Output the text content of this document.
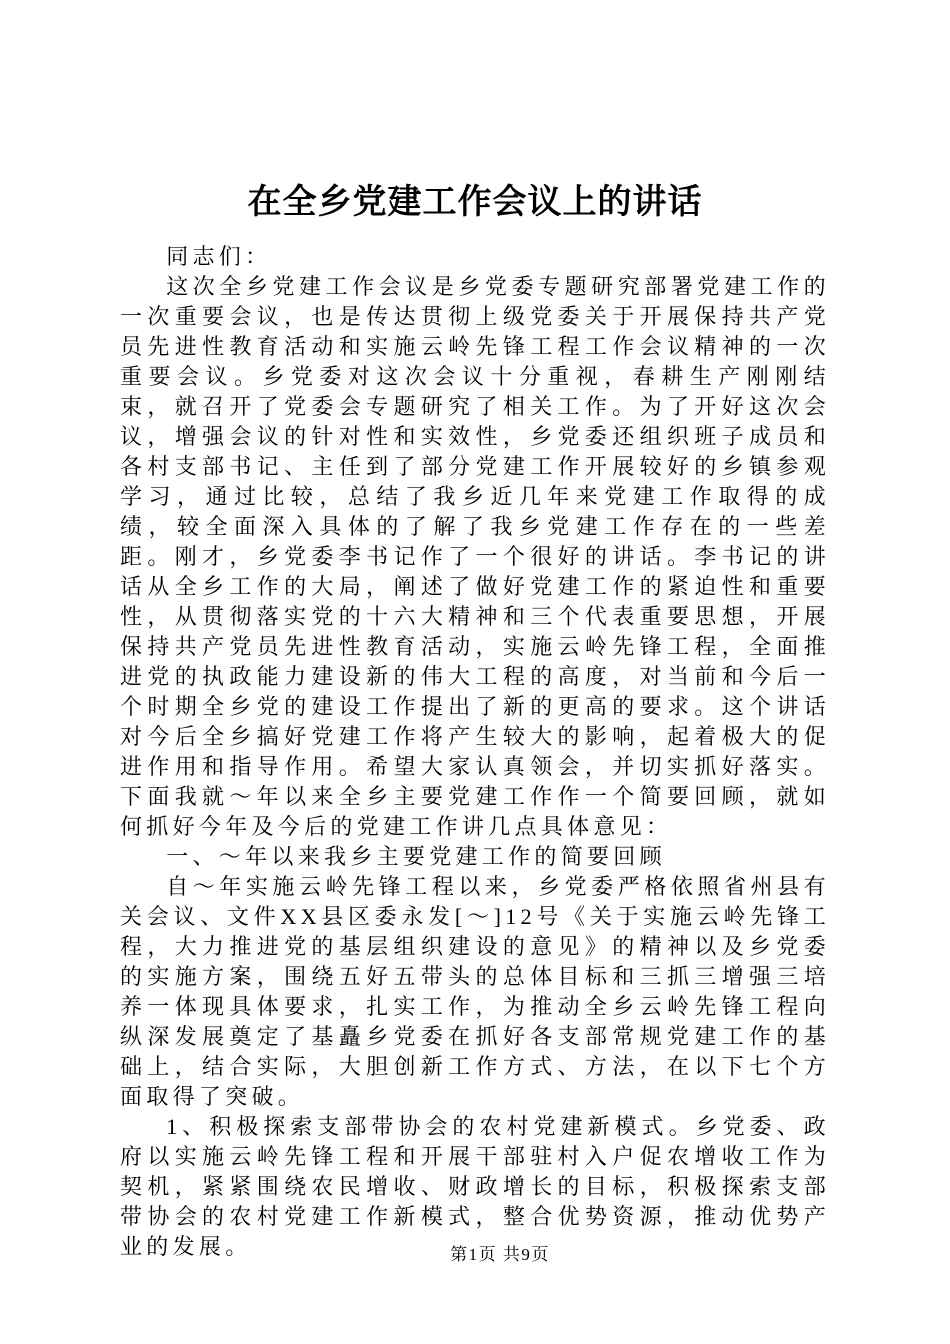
在全乡党建工作会议上的讲话

同志们：

这次全乡党建工作会议是乡党委专题研究部署党建工作的一次重要会议，也是传达贯彻上级党委关于开展保持共产党员先进性教育活动和实施云岭先锋工程工作会议精神的一次重要会议。乡党委对这次会议十分重视，春耕生产刚刚结束，就召开了党委会专题研究了相关工作。为了开好这次会议，增强会议的针对性和实效性，乡党委还组织班子成员和各村支部书记、主任到了部分党建工作开展较好的乡镇参观学习，通过比较，总结了我乡近几年来党建工作取得的成绩，较全面深入具体的了解了我乡党建工作存在的一些差距。刚才，乡党委李书记作了一个很好的讲话。李书记的讲话从全乡工作的大局，阐述了做好党建工作的紧迫性和重要性，从贯彻落实党的十六大精神和三个代表重要思想，开展保持共产党员先进性教育活动，实施云岭先锋工程，全面推进党的执政能力建设新的伟大工程的高度，对当前和今后一个时期全乡党的建设工作提出了新的更高的要求。这个讲话对今后全乡搞好党建工作将产生较大的影响，起着极大的促进作用和指导作用。希望大家认真领会，并切实抓好落实。下面我就～年以来全乡主要党建工作作一个简要回顾，就如何抓好今年及今后的党建工作讲几点具体意见：

一、～年以来我乡主要党建工作的简要回顾

自～年实施云岭先锋工程以来，乡党委严格依照省州县有关会议、文件XX县区委永发[～]12号《关于实施云岭先锋工程，大力推进党的基层组织建设的意见》的精神以及乡党委的实施方案，围绕五好五带头的总体目标和三抓三增强三培养一体现具体要求，扎实工作，为推动全乡云岭先锋工程向纵深发展奠定了基矗乡党委在抓好各支部常规党建工作的基础上，结合实际，大胆创新工作方式、方法，在以下七个方面取得了突破。

1、积极探索支部带协会的农村党建新模式。乡党委、政府以实施云岭先锋工程和开展干部驻村入户促农增收工作为契机，紧紧围绕农民增收、财政增长的目标，积极探索支部带协会的农村党建工作新模式，整合优势资源，推动优势产业的发展。	第1页 共9页
